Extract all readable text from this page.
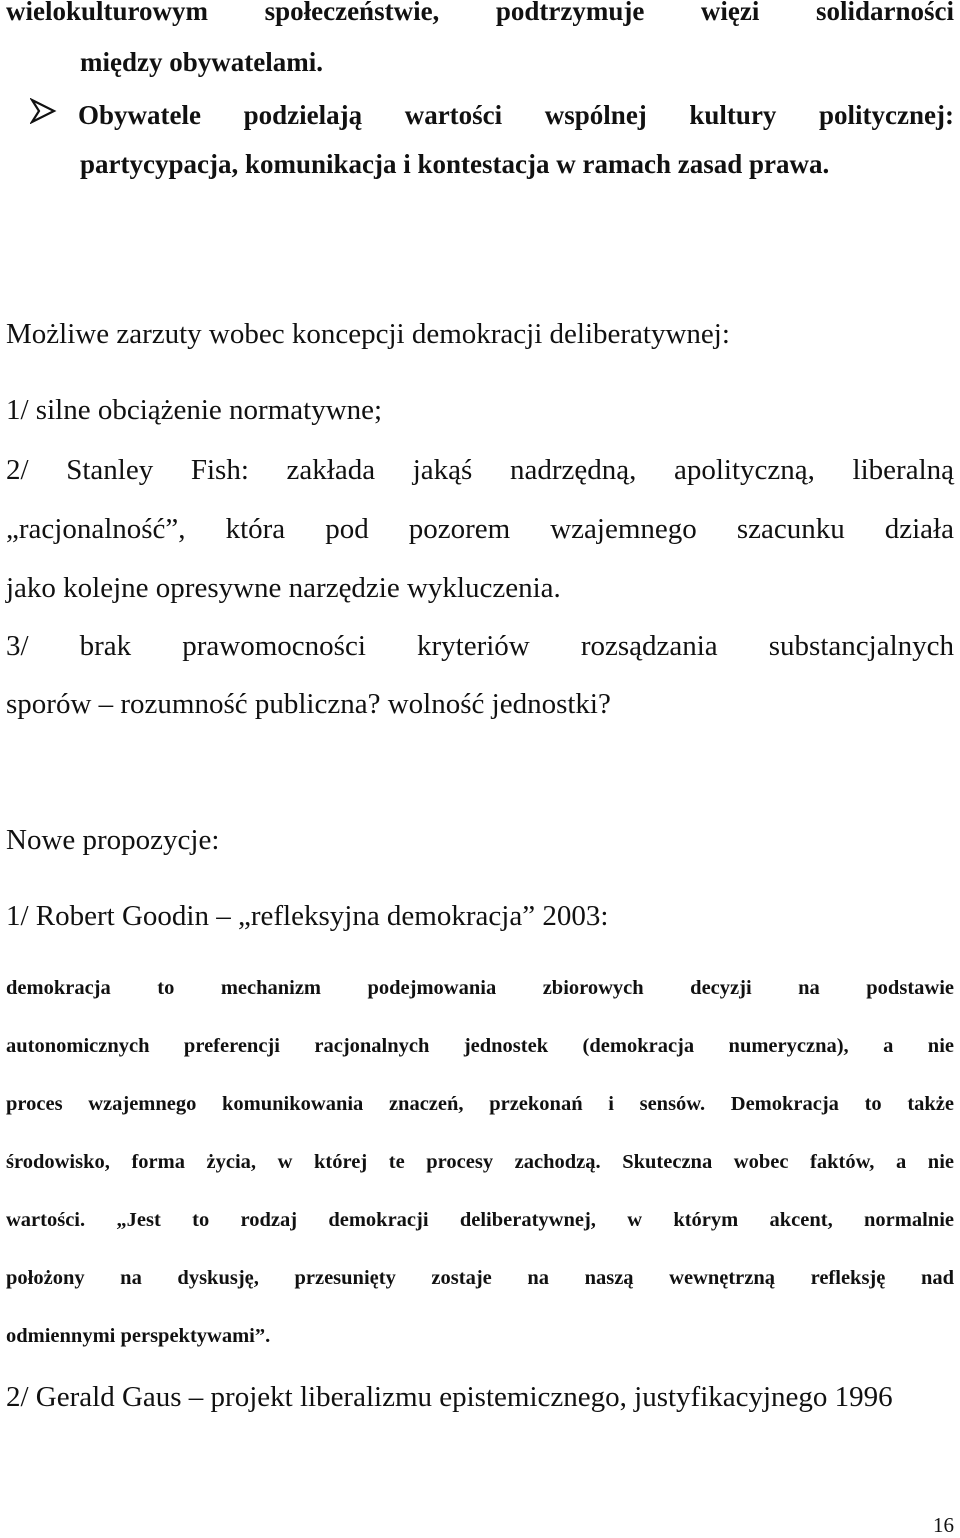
wielokulturowym społeczeństwie, podtrzymuje więzi solidarności
między obywatelami.
Obywatele podzielają wartości wspólnej kultury politycznej:
partycypacja, komunikacja i kontestacja w ramach zasad prawa.
Możliwe zarzuty wobec koncepcji demokracji deliberatywnej:
1/ silne obciążenie normatywne;
2/ Stanley Fish: zakłada jakąś nadrzędną, apolityczną, liberalną
„racjonalność”, która pod pozorem wzajemnego szacunku działa
jako kolejne opresywne narzędzie wykluczenia.
3/ brak prawomocności kryteriów rozsądzania substancjalnych
sporów – rozumność publiczna? wolność jednostki?
Nowe propozycje:
1/ Robert Goodin – „refleksyjna demokracja” 2003:
demokracja to mechanizm podejmowania zbiorowych decyzji na podstawie
autonomicznych preferencji racjonalnych jednostek (demokracja numeryczna), a nie
proces wzajemnego komunikowania znaczeń, przekonań i sensów. Demokracja to także
środowisko, forma życia, w której te procesy zachodzą. Skuteczna wobec faktów, a nie
wartości. „Jest to rodzaj demokracji deliberatywnej, w którym akcent, normalnie
położony na dyskusję, przesunięty zostaje na naszą wewnętrzną refleksję nad
odmiennymi perspektywami”.
2/ Gerald Gaus – projekt liberalizmu epistemicznego, justyfikacyjnego 1996
16
